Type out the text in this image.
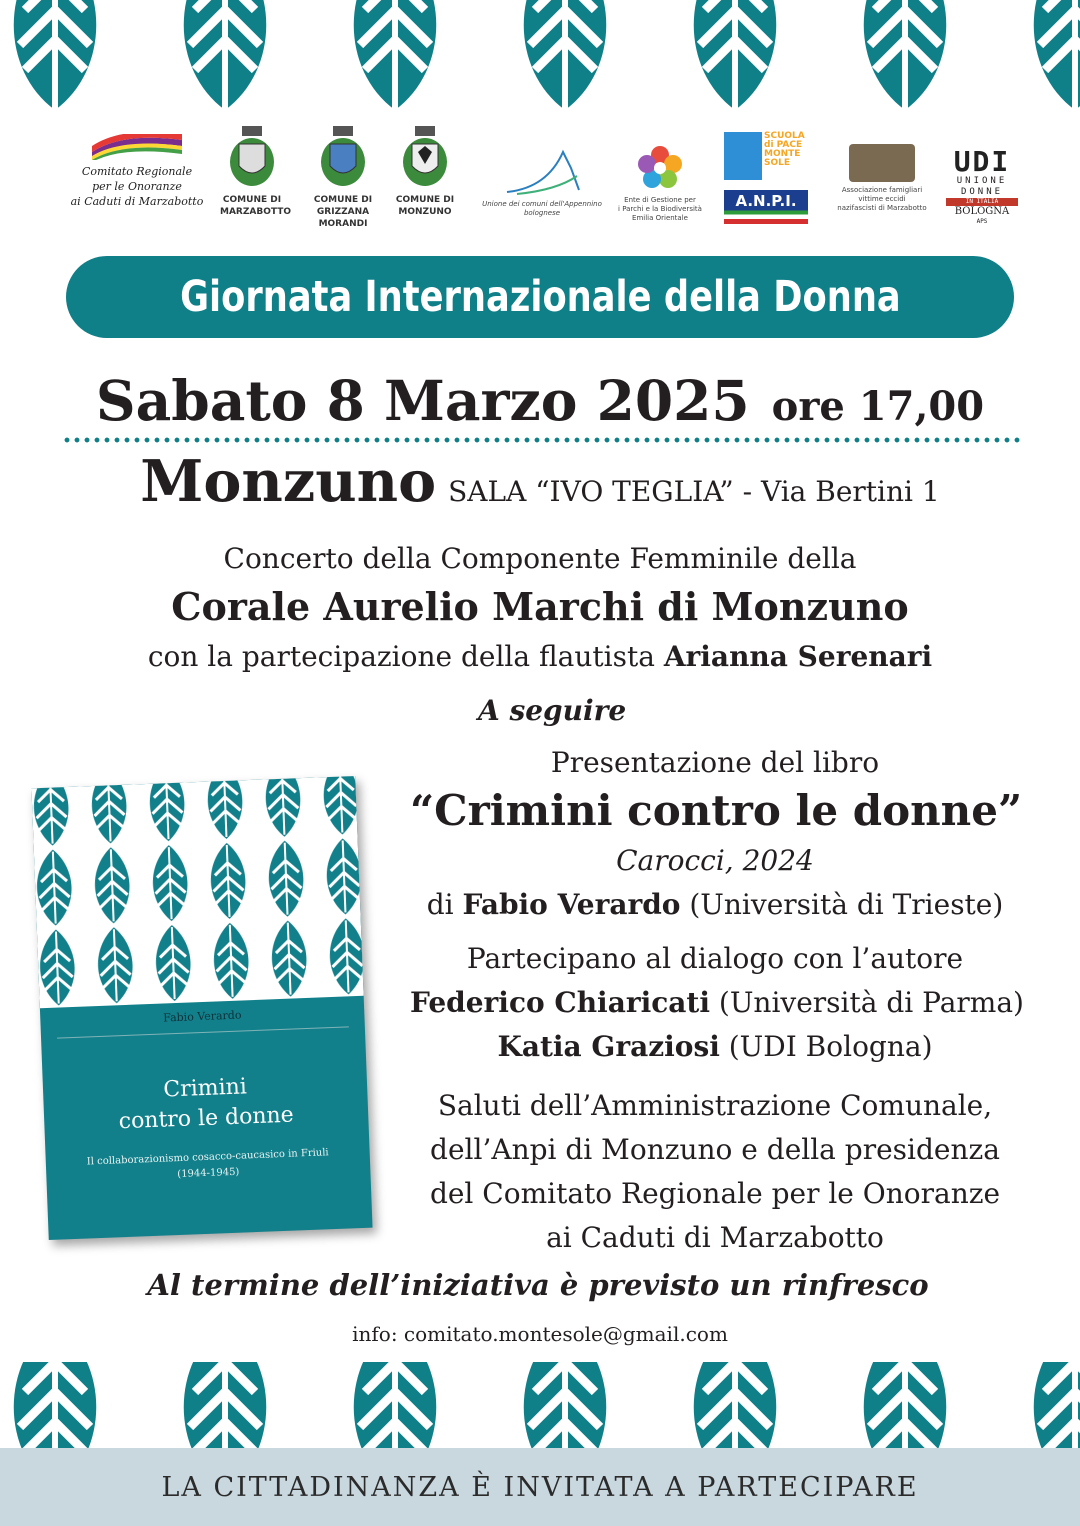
Comitato Regionale
per le Onoranze
ai Caduti di Marzabotto	COMUNE DI
MARZABOTTO
COMUNE DI
GRIZZANA MORANDI
COMUNE DI
MONZUNO
Unione dei comuni dell'Appennino bolognese
Ente di Gestione per
i Parchi e la Biodiversità
Emilia Orientale
SCUOLA
di PACE
MONTE
SOLE
A.N.P.I.
Associazione famigliari
vittime eccidi
nazifascisti di Marzabotto
UDI
UNIONE
DONNE
IN ITALIA
BOLOGNA
APS
Giornata Internazionale della Donna
Sabato 8 Marzo 2025 ore 17,00
Monzuno SALA “IVO TEGLIA” - Via Bertini 1
Concerto della Componente Femminile della
Corale Aurelio Marchi di Monzuno
con la partecipazione della flautista Arianna Serenari
A seguire
Fabio Verardo
Crimini
contro le donne
Il collaborazionismo cosacco-caucasico in Friuli
(1944-1945)
Presentazione del libro
“Crimini contro le donne”
Carocci, 2024
di Fabio Verardo (Università di Trieste)
Partecipano al dialogo con l’autore
Federico Chiaricati (Università di Parma)
Katia Graziosi (UDI Bologna)
Saluti dell’Amministrazione Comunale,
dell’Anpi di Monzuno e della presidenza
del Comitato Regionale per le Onoranze
ai Caduti di Marzabotto
Al termine dell’iniziativa è previsto un rinfresco
info: comitato.montesole@gmail.com
LA CITTADINANZA È INVITATA A PARTECIPARE
